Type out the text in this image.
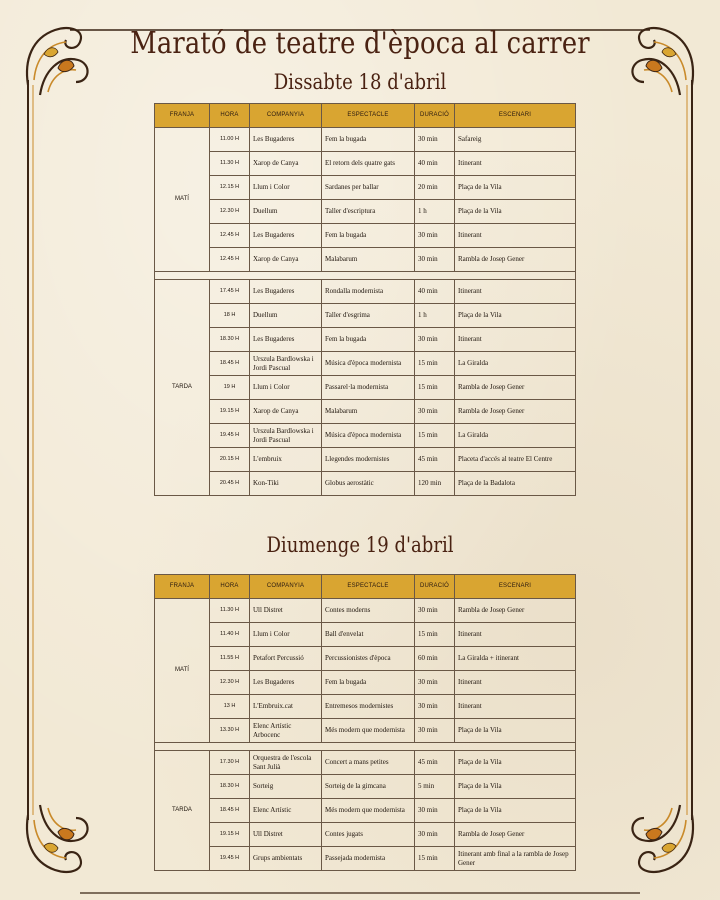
Marató de teatre d'època al carrer
Dissabte 18 d'abril
Diumenge 19 d'abril
FRANJA	HORA	COMPANYIA	ESPECTACLE	DURACIÓ	ESCENARI
MATÍ	11.00 H	Les Bugaderes	Fem la bugada	30 min	Safareig
	11.30 H	Xarop de Canya	El retorn dels quatre gats	40 min	Itinerant
	12.15 H	Llum i Color	Sardanes per ballar	20 min	Plaça de la Vila
	12.30 H	Duellum	Taller d'escriptura	1 h	Plaça de la Vila
	12.45 H	Les Bugaderes	Fem la bugada	30 min	Itinerant
	12.45 H	Xarop de Canya	Malabarum	30 min	Rambla de Josep Gener

TARDA	17.45 H	Les Bugaderes	Rondalla modernista	40 min	Itinerant
	18 H	Duellum	Taller d'esgrima	1 h	Plaça de la Vila
	18.30 H	Les Bugaderes	Fem la bugada	30 min	Itinerant
	18.45 H	Urszula Bardlowska i Jordi Pascual	Música d'època modernista	15 min	La Giralda
	19 H	Llum i Color	Passarel·la modernista	15 min	Rambla de Josep Gener
	19.15 H	Xarop de Canya	Malabarum	30 min	Rambla de Josep Gener
	19.45 H	Urszula Bardlowska i Jordi Pascual	Música d'època modernista	15 min	La Giralda
	20.15 H	L'embruix	Llegendes modernistes	45 min	Placeta d'accés al teatre El Centre
	20.45 H	Kon-Tiki	Globus aerostàtic	120 min	Plaça de la Badalota
FRANJA	HORA	COMPANYIA	ESPECTACLE	DURACIÓ	ESCENARI
MATÍ	11.30 H	Ull Distret	Contes moderns	30 min	Rambla de Josep Gener
	11.40 H	Llum i Color	Ball d'envelat	15 min	Itinerant
	11.55 H	Petafort Percussió	Percussionistes d'època	60 min	La Giralda + itinerant
	12.30 H	Les Bugaderes	Fem la bugada	30 min	Itinerant
	13 H	L'Embruix.cat	Entremesos modernistes	30 min	Itinerant
	13.30 H	Elenc Artístic Arbocenc	Més modern que modernista	30 min	Plaça de la Vila

TARDA	17.30 H	Orquestra de l'escola Sant Julià	Concert a mans petites	45 min	Plaça de la Vila
	18.30 H	Sorteig	Sorteig de la gimcana	5 min	Plaça de la Vila
	18.45 H	Elenc Artístic	Més modern que modernista	30 min	Plaça de la Vila
	19.15 H	Ull Distret	Contes jugats	30 min	Rambla de Josep Gener
	19.45 H	Grups ambientats	Passejada modernista	15 min	Itinerant amb final a la rambla de Josep Gener
